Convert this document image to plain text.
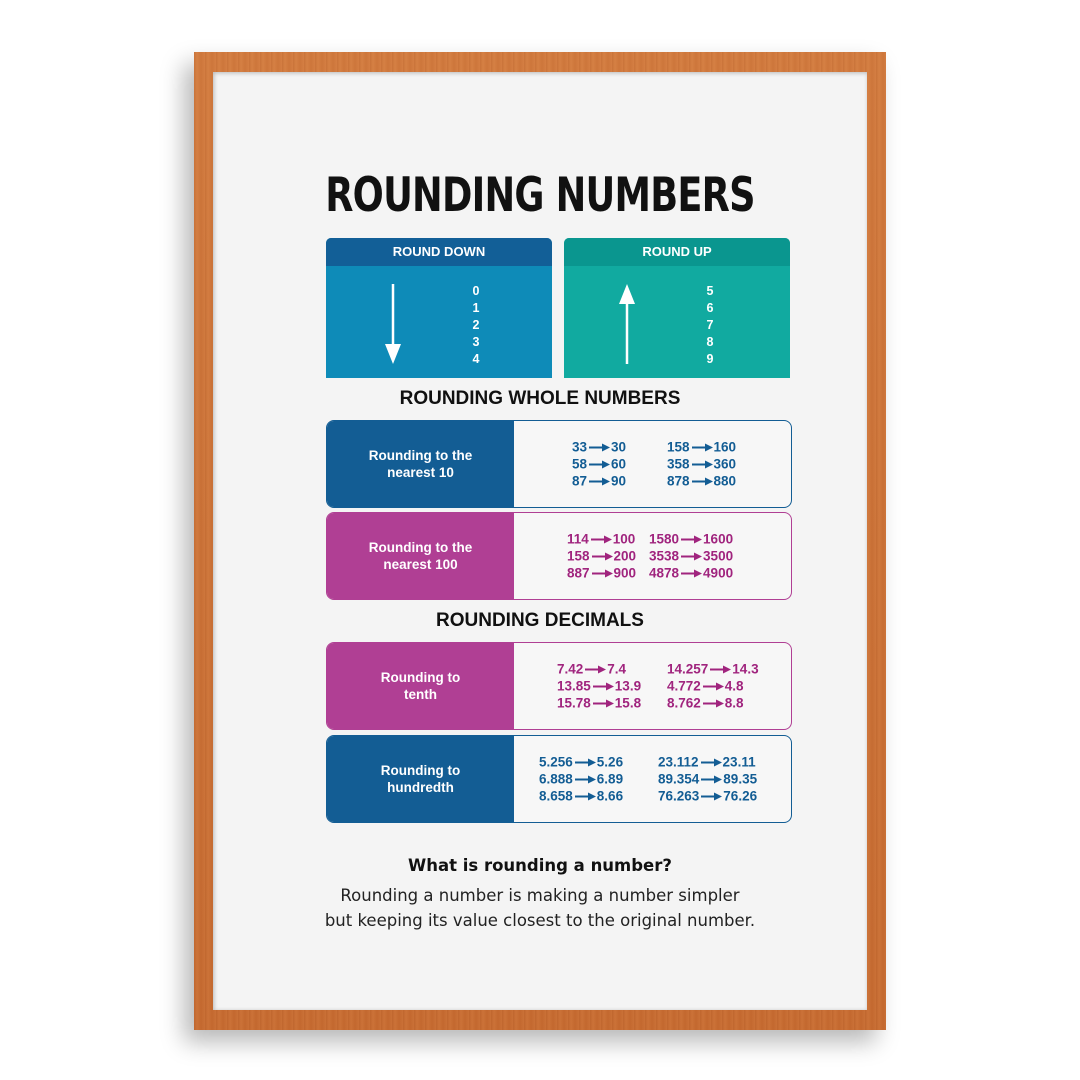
ROUNDING NUMBERS
ROUND DOWN
0
1
2
3
4
ROUND UP
5
6
7
8
9
ROUNDING WHOLE NUMBERS
Rounding to the
nearest 10
33 30
58 60
87 90
158 160
358 360
878 880
Rounding to the
nearest 100
114 100
158 200
887 900
1580 1600
3538 3500
4878 4900
ROUNDING DECIMALS
Rounding to
tenth
7.42 7.4
13.85 13.9
15.78 15.8
14.257 14.3
4.772 4.8
8.762 8.8
Rounding to
hundredth
5.256 5.26
6.888 6.89
8.658 8.66
23.112 23.11
89.354 89.35
76.263 76.26
What is rounding a number?
Rounding a number is making a number simpler
but keeping its value closest to the original number.
